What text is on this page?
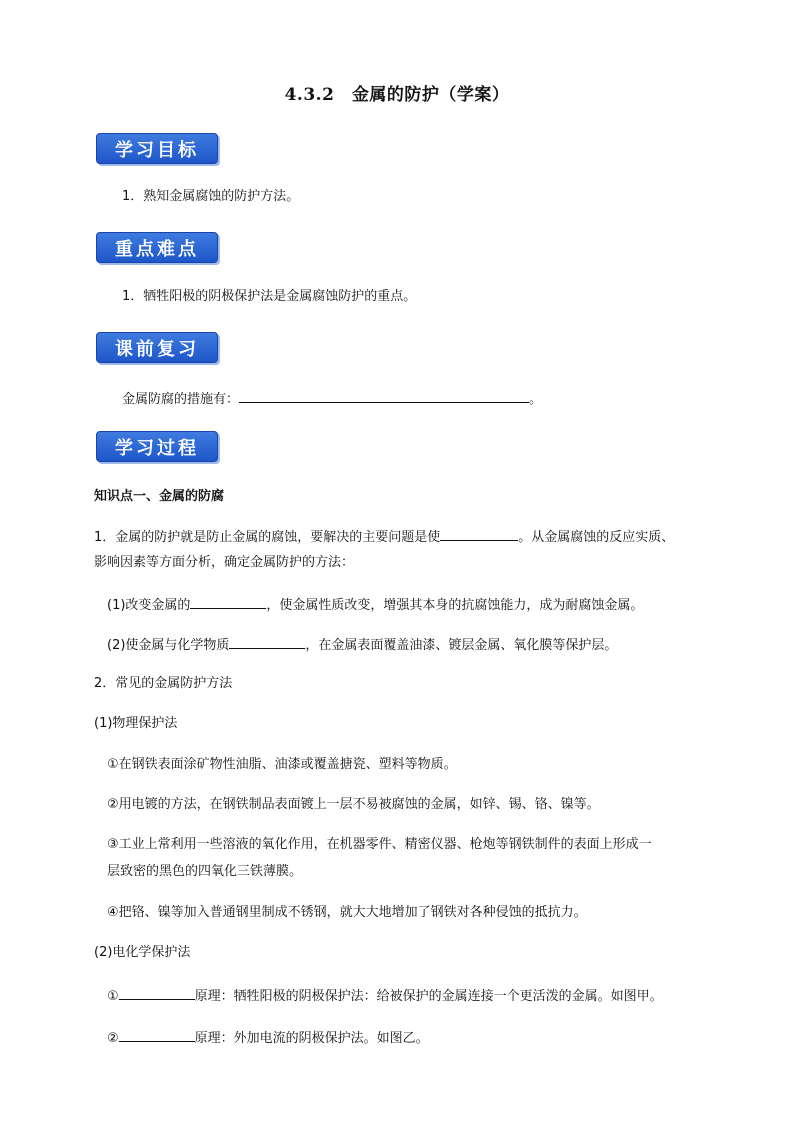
4.3.2　金属的防护（学案）
学习目标
1．熟知金属腐蚀的防护方法。
重点难点
1．牺牲阳极的阴极保护法是金属腐蚀防护的重点。
课前复习
金属防腐的措施有：	。
学习过程
知识点一、金属的防腐
1．金属的防护就是防止金属的腐蚀，要解决的主要问题是使	。从金属腐蚀的反应实质、
影响因素等方面分析，确定金属防护的方法：
(1)改变金属的	，使金属性质改变，增强其本身的抗腐蚀能力，成为耐腐蚀金属。
(2)使金属与化学物质	，在金属表面覆盖油漆、镀层金属、氧化膜等保护层。
2．常见的金属防护方法
(1)物理保护法
①在钢铁表面涂矿物性油脂、油漆或覆盖搪瓷、塑料等物质。
②用电镀的方法，在钢铁制品表面镀上一层不易被腐蚀的金属，如锌、锡、铬、镍等。
③工业上常利用一些溶液的氧化作用，在机器零件、精密仪器、枪炮等钢铁制件的表面上形成一
层致密的黑色的四氧化三铁薄膜。
④把铬、镍等加入普通钢里制成不锈钢，就大大地增加了钢铁对各种侵蚀的抵抗力。
(2)电化学保护法
①	原理：牺牲阳极的阴极保护法：给被保护的金属连接一个更活泼的金属。如图甲。
②	原理：外加电流的阴极保护法。如图乙。
